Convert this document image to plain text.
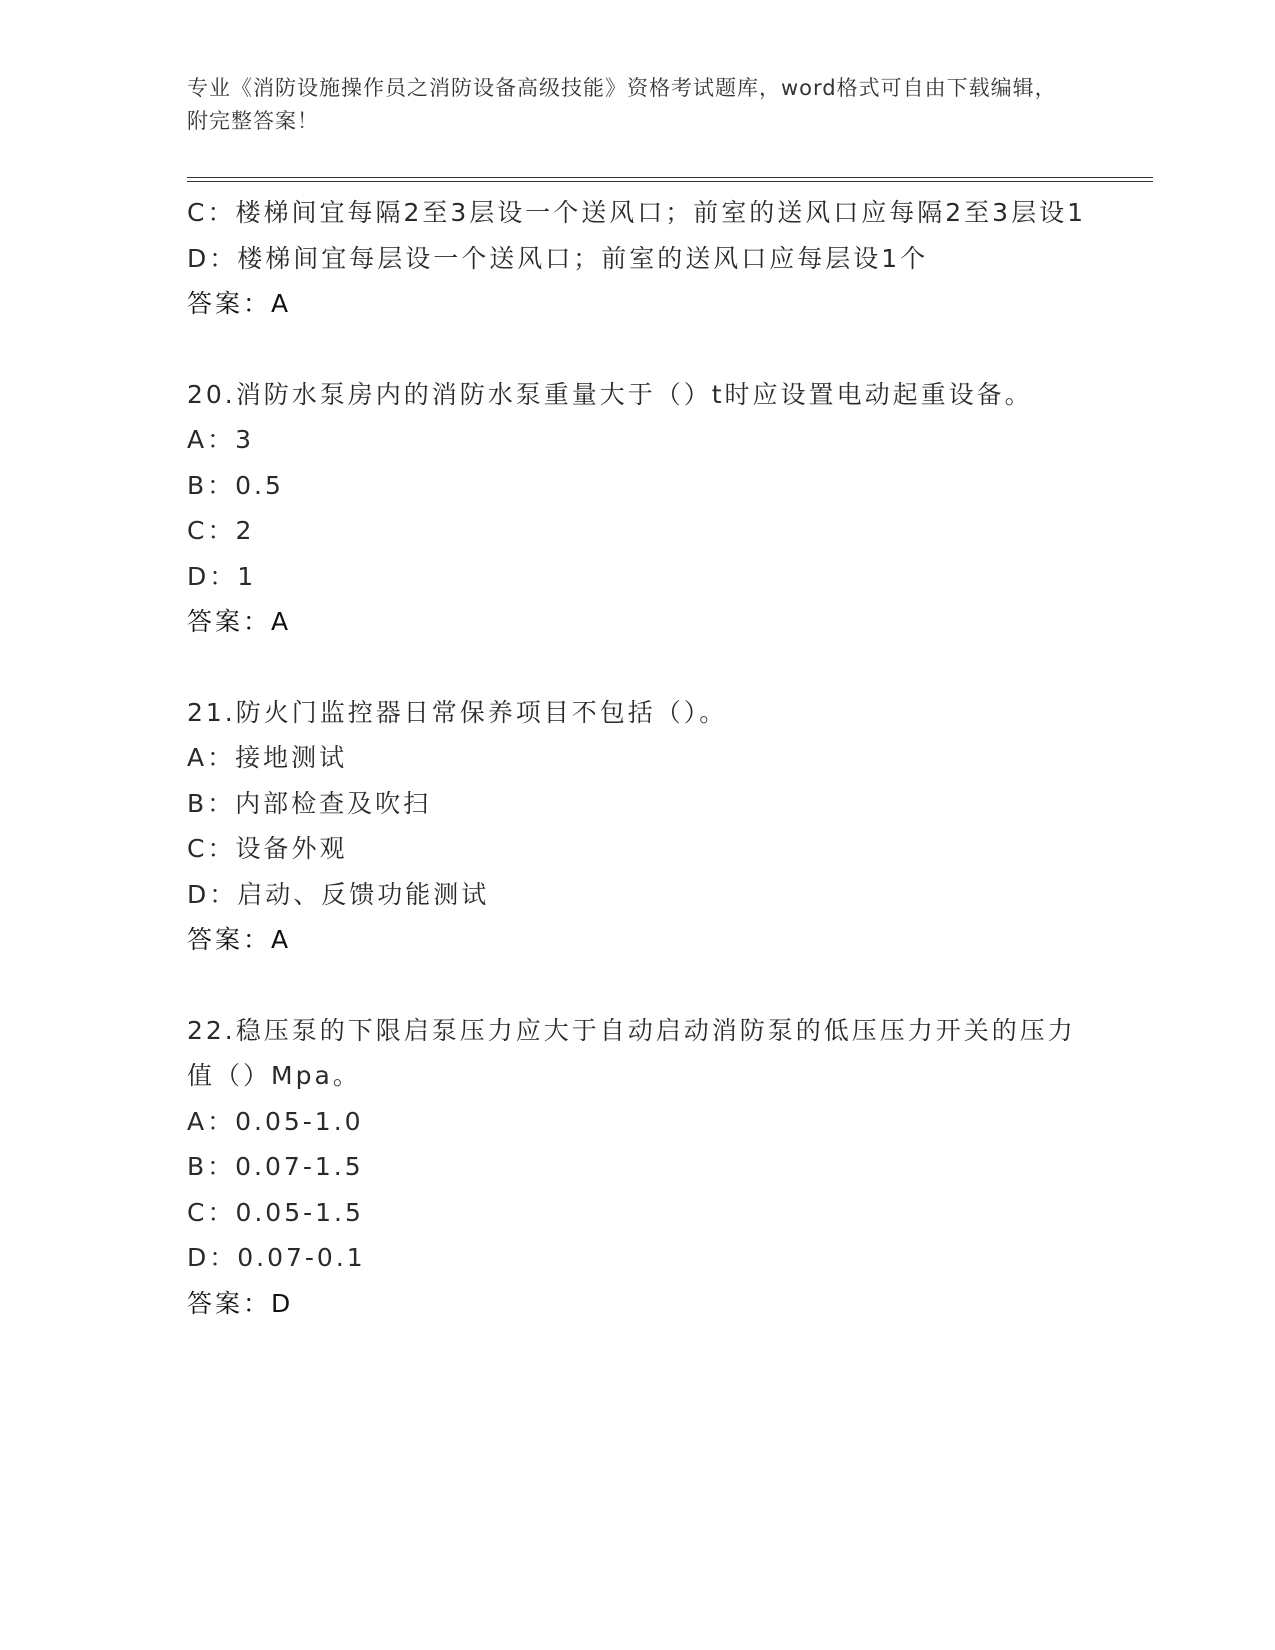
专业《消防设施操作员之消防设备高级技能》资格考试题库，word格式可自由下载编辑，附完整答案！
C：楼梯间宜每隔2至3层设一个送风口；前室的送风口应每隔2至3层设1
D：楼梯间宜每层设一个送风口；前室的送风口应每层设1个
答案：A
20.消防水泵房内的消防水泵重量大于（）t时应设置电动起重设备。
A：3
B：0.5
C：2
D：1
答案：A
21.防火门监控器日常保养项目不包括（）。
A：接地测试
B：内部检查及吹扫
C：设备外观
D：启动、反馈功能测试
答案：A
22.稳压泵的下限启泵压力应大于自动启动消防泵的低压压力开关的压力值（）Mpa。
A：0.05-1.0
B：0.07-1.5
C：0.05-1.5
D：0.07-0.1
答案：D
